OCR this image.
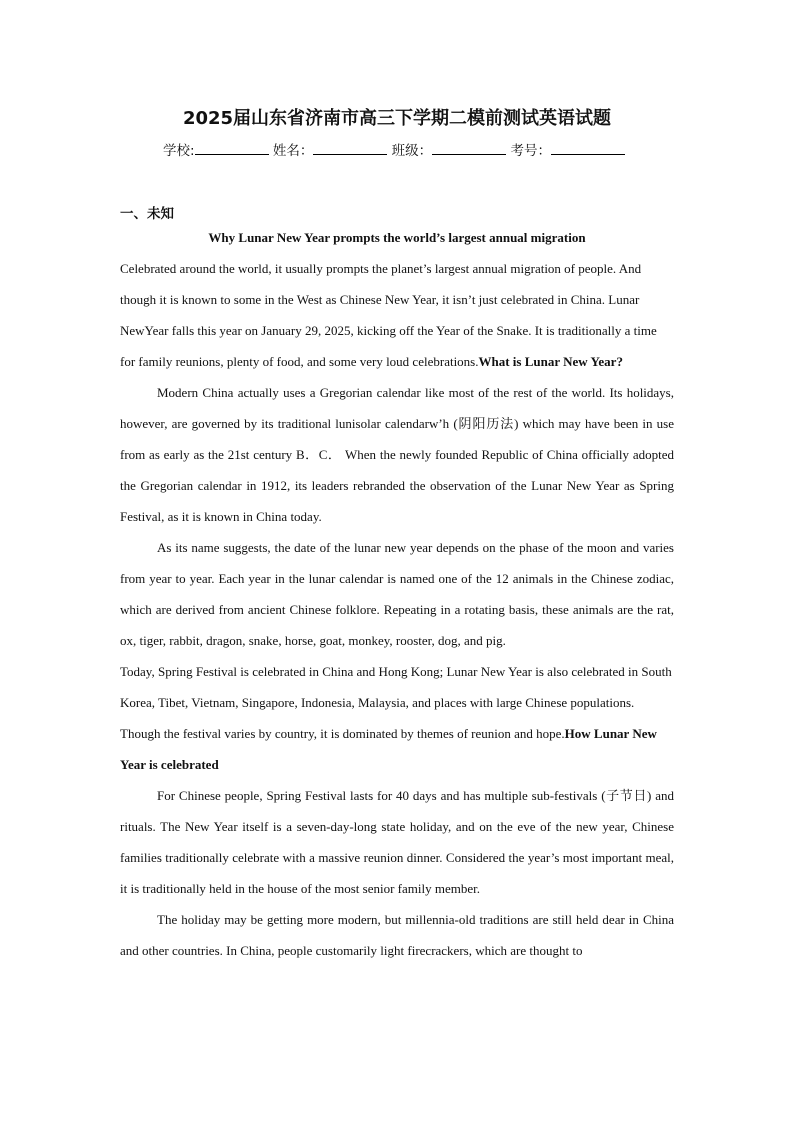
2025届山东省济南市高三下学期二模前测试英语试题
学校:	姓名：	班级：	考号：
一、未知

Why Lunar New Year prompts the world’s largest annual migration

Celebrated around the world, it usually prompts the planet’s largest annual migration of people. And though it is known to some in the West as Chinese New Year, it isn’t just celebrated in China. Lunar NewYear falls this year on January 29, 2025, kicking off the Year of the Snake. It is traditionally a time for family reunions, plenty of food, and some very loud celebrations.What is Lunar New Year?

Modern China actually uses a Gregorian calendar like most of the rest of the world. Its holidays, however, are governed by its traditional lunisolar calendarw’h (阴阳历法) which may have been in use from as early as the 21st century B．C． When the newly founded Republic of China officially adopted the Gregorian calendar in 1912, its leaders rebranded the observation of the Lunar New Year as Spring Festival, as it is known in China today.

As its name suggests, the date of the lunar new year depends on the phase of the moon and varies from year to year. Each year in the lunar calendar is named one of the 12 animals in the Chinese zodiac, which are derived from ancient Chinese folklore. Repeating in a rotating basis, these animals are the rat, ox, tiger, rabbit, dragon, snake, horse, goat, monkey, rooster, dog, and pig.

Today, Spring Festival is celebrated in China and Hong Kong; Lunar New Year is also celebrated in South Korea, Tibet, Vietnam, Singapore, Indonesia, Malaysia, and places with large Chinese populations. Though the festival varies by country, it is dominated by themes of reunion and hope.How Lunar New Year is celebrated

For Chinese people, Spring Festival lasts for 40 days and has multiple sub-festivals (子节日) and rituals. The New Year itself is a seven-day-long state holiday, and on the eve of the new year, Chinese families traditionally celebrate with a massive reunion dinner. Considered the year’s most important meal, it is traditionally held in the house of the most senior family member.

The holiday may be getting more modern, but millennia-old traditions are still held dear in China and other countries. In China, people customarily light firecrackers, which are thought to
